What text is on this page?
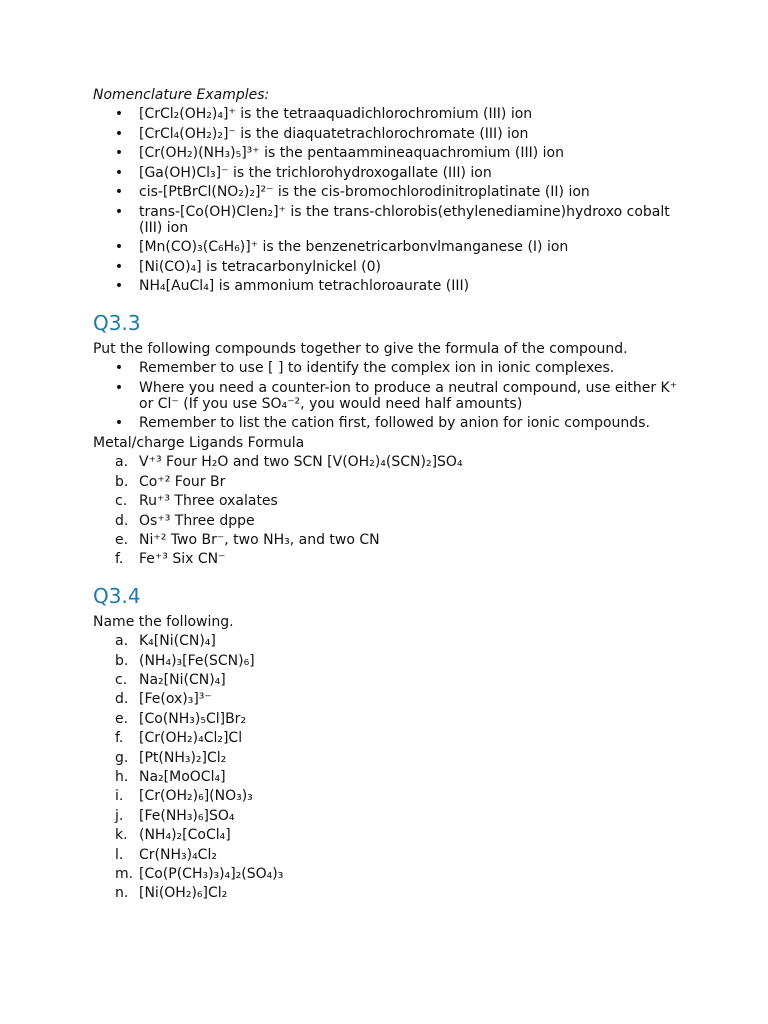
Nomenclature Examples:
• [CrCl₂(OH₂)₄]⁺ is the tetraaquadichlorochromium (III) ion
• [CrCl₄(OH₂)₂]⁻ is the diaquatetrachlorochromate (III) ion
• [Cr(OH₂)(NH₃)₅]³⁺ is the pentaammineaquachromium (III) ion
• [Ga(OH)Cl₃]⁻ is the trichlorohydroxogallate (III) ion
• cis-[PtBrCl(NO₂)₂]²⁻ is the cis-bromochlorodinitroplatinate (II) ion
• trans-[Co(OH)Clen₂]⁺ is the trans-chlorobis(ethylenediamine)hydroxo cobalt (III) ion
• [Mn(CO)₃(C₆H₆)]⁺ is the benzenetricarbonvlmanganese (I) ion
• [Ni(CO)₄] is tetracarbonylnickel (0)
• NH₄[AuCl₄] is ammonium tetrachloroaurate (III)
Q3.3
Put the following compounds together to give the formula of the compound.
• Remember to use [ ] to identify the complex ion in ionic complexes.
• Where you need a counter-ion to produce a neutral compound, use either K⁺ or Cl⁻ (If you use SO₄⁻², you would need half amounts)
• Remember to list the cation first, followed by anion for ionic compounds.
Metal/charge Ligands Formula
a. V⁺³ Four H₂O and two SCN [V(OH₂)₄(SCN)₂]SO₄
b. Co⁺² Four Br
c. Ru⁺³ Three oxalates
d. Os⁺³ Three dppe
e. Ni⁺² Two Br⁻, two NH₃, and two CN
f. Fe⁺³ Six CN⁻
Q3.4
Name the following.
a. K₄[Ni(CN)₄]
b. (NH₄)₃[Fe(SCN)₆]
c. Na₂[Ni(CN)₄]
d. [Fe(ox)₃]³⁻
e. [Co(NH₃)₅Cl]Br₂
f. [Cr(OH₂)₄Cl₂]Cl
g. [Pt(NH₃)₂]Cl₂
h. Na₂[MoOCl₄]
i. [Cr(OH₂)₆](NO₃)₃
j. [Fe(NH₃)₆]SO₄
k. (NH₄)₂[CoCl₄]
l. Cr(NH₃)₄Cl₂
m. [Co(P(CH₃)₃)₄]₂(SO₄)₃
n. [Ni(OH₂)₆]Cl₂
